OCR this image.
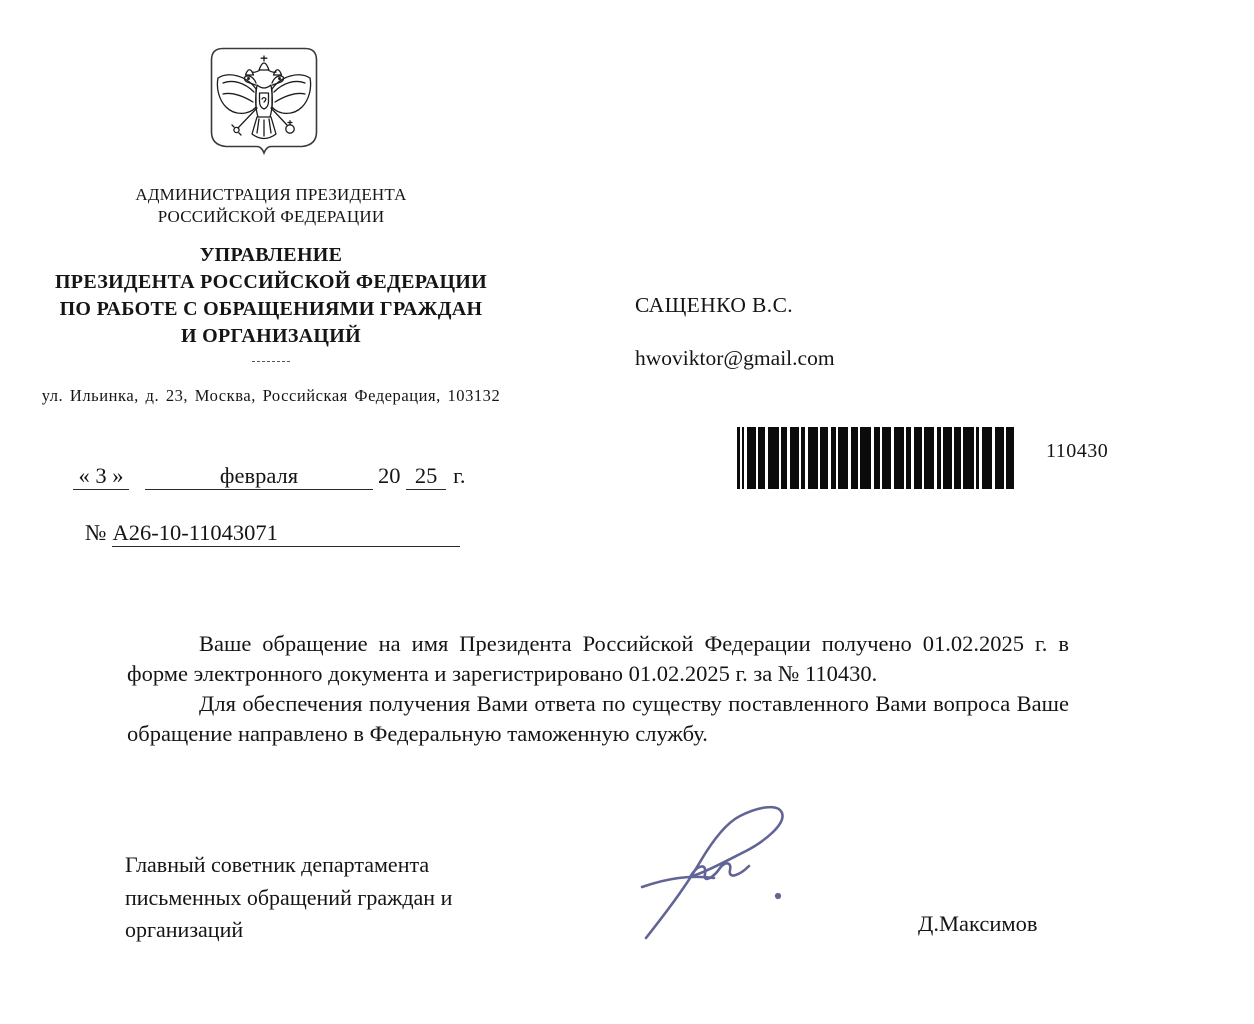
АДМИНИСТРАЦИЯ ПРЕЗИДЕНТА
РОССИЙСКОЙ ФЕДЕРАЦИИ
УПРАВЛЕНИЕ
ПРЕЗИДЕНТА РОССИЙСКОЙ ФЕДЕРАЦИИ
ПО РАБОТЕ С ОБРАЩЕНИЯМИ ГРАЖДАН
И ОРГАНИЗАЦИЙ
ул. Ильинка, д. 23, Москва, Российская Федерация, 103132
САЩЕНКО В.С.
hwoviktor@gmail.com
110430
« 3 »	февраля	20 25 г.
№ А26-10-11043071

Ваше обращение на имя Президента Российской Федерации получено 01.02.2025 г. в форме электронного документа и зарегистрировано 01.02.2025 г. за № 110430.

Для обеспечения получения Вами ответа по существу поставленного Вами вопроса Ваше обращение направлено в Федеральную таможенную службу.

Главный советник департамента письменных обращений граждан и организаций	Д.Максимов
